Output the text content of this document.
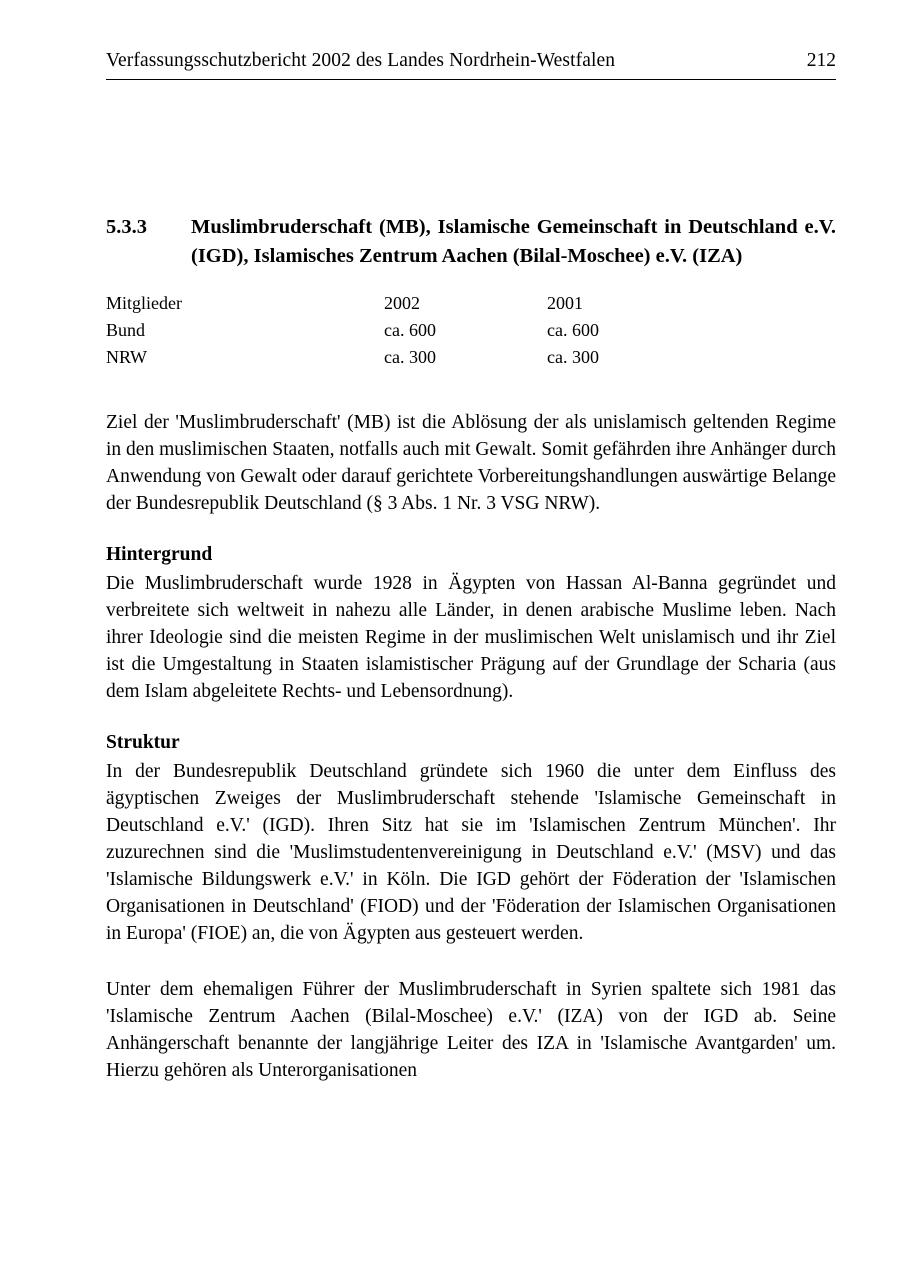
Verfassungsschutzbericht 2002 des Landes Nordrhein-Westfalen	212
5.3.3	Muslimbruderschaft (MB), Islamische Gemeinschaft in Deutschland e.V. (IGD), Islamisches Zentrum Aachen (Bilal-Moschee) e.V. (IZA)
Mitglieder	2002	2001
Bund	ca. 600	ca. 600
NRW	ca. 300	ca. 300

Ziel der 'Muslimbruderschaft' (MB) ist die Ablösung der als unislamisch geltenden Regime in den muslimischen Staaten, notfalls auch mit Gewalt. Somit gefährden ihre Anhänger durch Anwendung von Gewalt oder darauf gerichtete Vorbereitungshandlungen auswärtige Belange der Bundesrepublik Deutschland (§ 3 Abs. 1 Nr. 3 VSG NRW).

Hintergrund

Die Muslimbruderschaft wurde 1928 in Ägypten von Hassan Al-Banna gegründet und verbreitete sich weltweit in nahezu alle Länder, in denen arabische Muslime leben. Nach ihrer Ideologie sind die meisten Regime in der muslimischen Welt unislamisch und ihr Ziel ist die Umgestaltung in Staaten islamistischer Prägung auf der Grundlage der Scharia (aus dem Islam abgeleitete Rechts- und Lebensordnung).

Struktur

In der Bundesrepublik Deutschland gründete sich 1960 die unter dem Einfluss des ägyptischen Zweiges der Muslimbruderschaft stehende 'Islamische Gemeinschaft in Deutschland e.V.' (IGD). Ihren Sitz hat sie im 'Islamischen Zentrum München'. Ihr zuzurechnen sind die 'Muslimstudentenvereinigung in Deutschland e.V.' (MSV) und das 'Islamische Bildungswerk e.V.' in Köln. Die IGD gehört der Föderation der 'Islamischen Organisationen in Deutschland' (FIOD) und der 'Föderation der Islamischen Organisationen in Europa' (FIOE) an, die von Ägypten aus gesteuert werden.

Unter dem ehemaligen Führer der Muslimbruderschaft in Syrien spaltete sich 1981 das 'Islamische Zentrum Aachen (Bilal-Moschee) e.V.' (IZA) von der IGD ab. Seine Anhängerschaft benannte der langjährige Leiter des IZA in 'Islamische Avantgarden' um. Hierzu gehören als Unterorganisationen
